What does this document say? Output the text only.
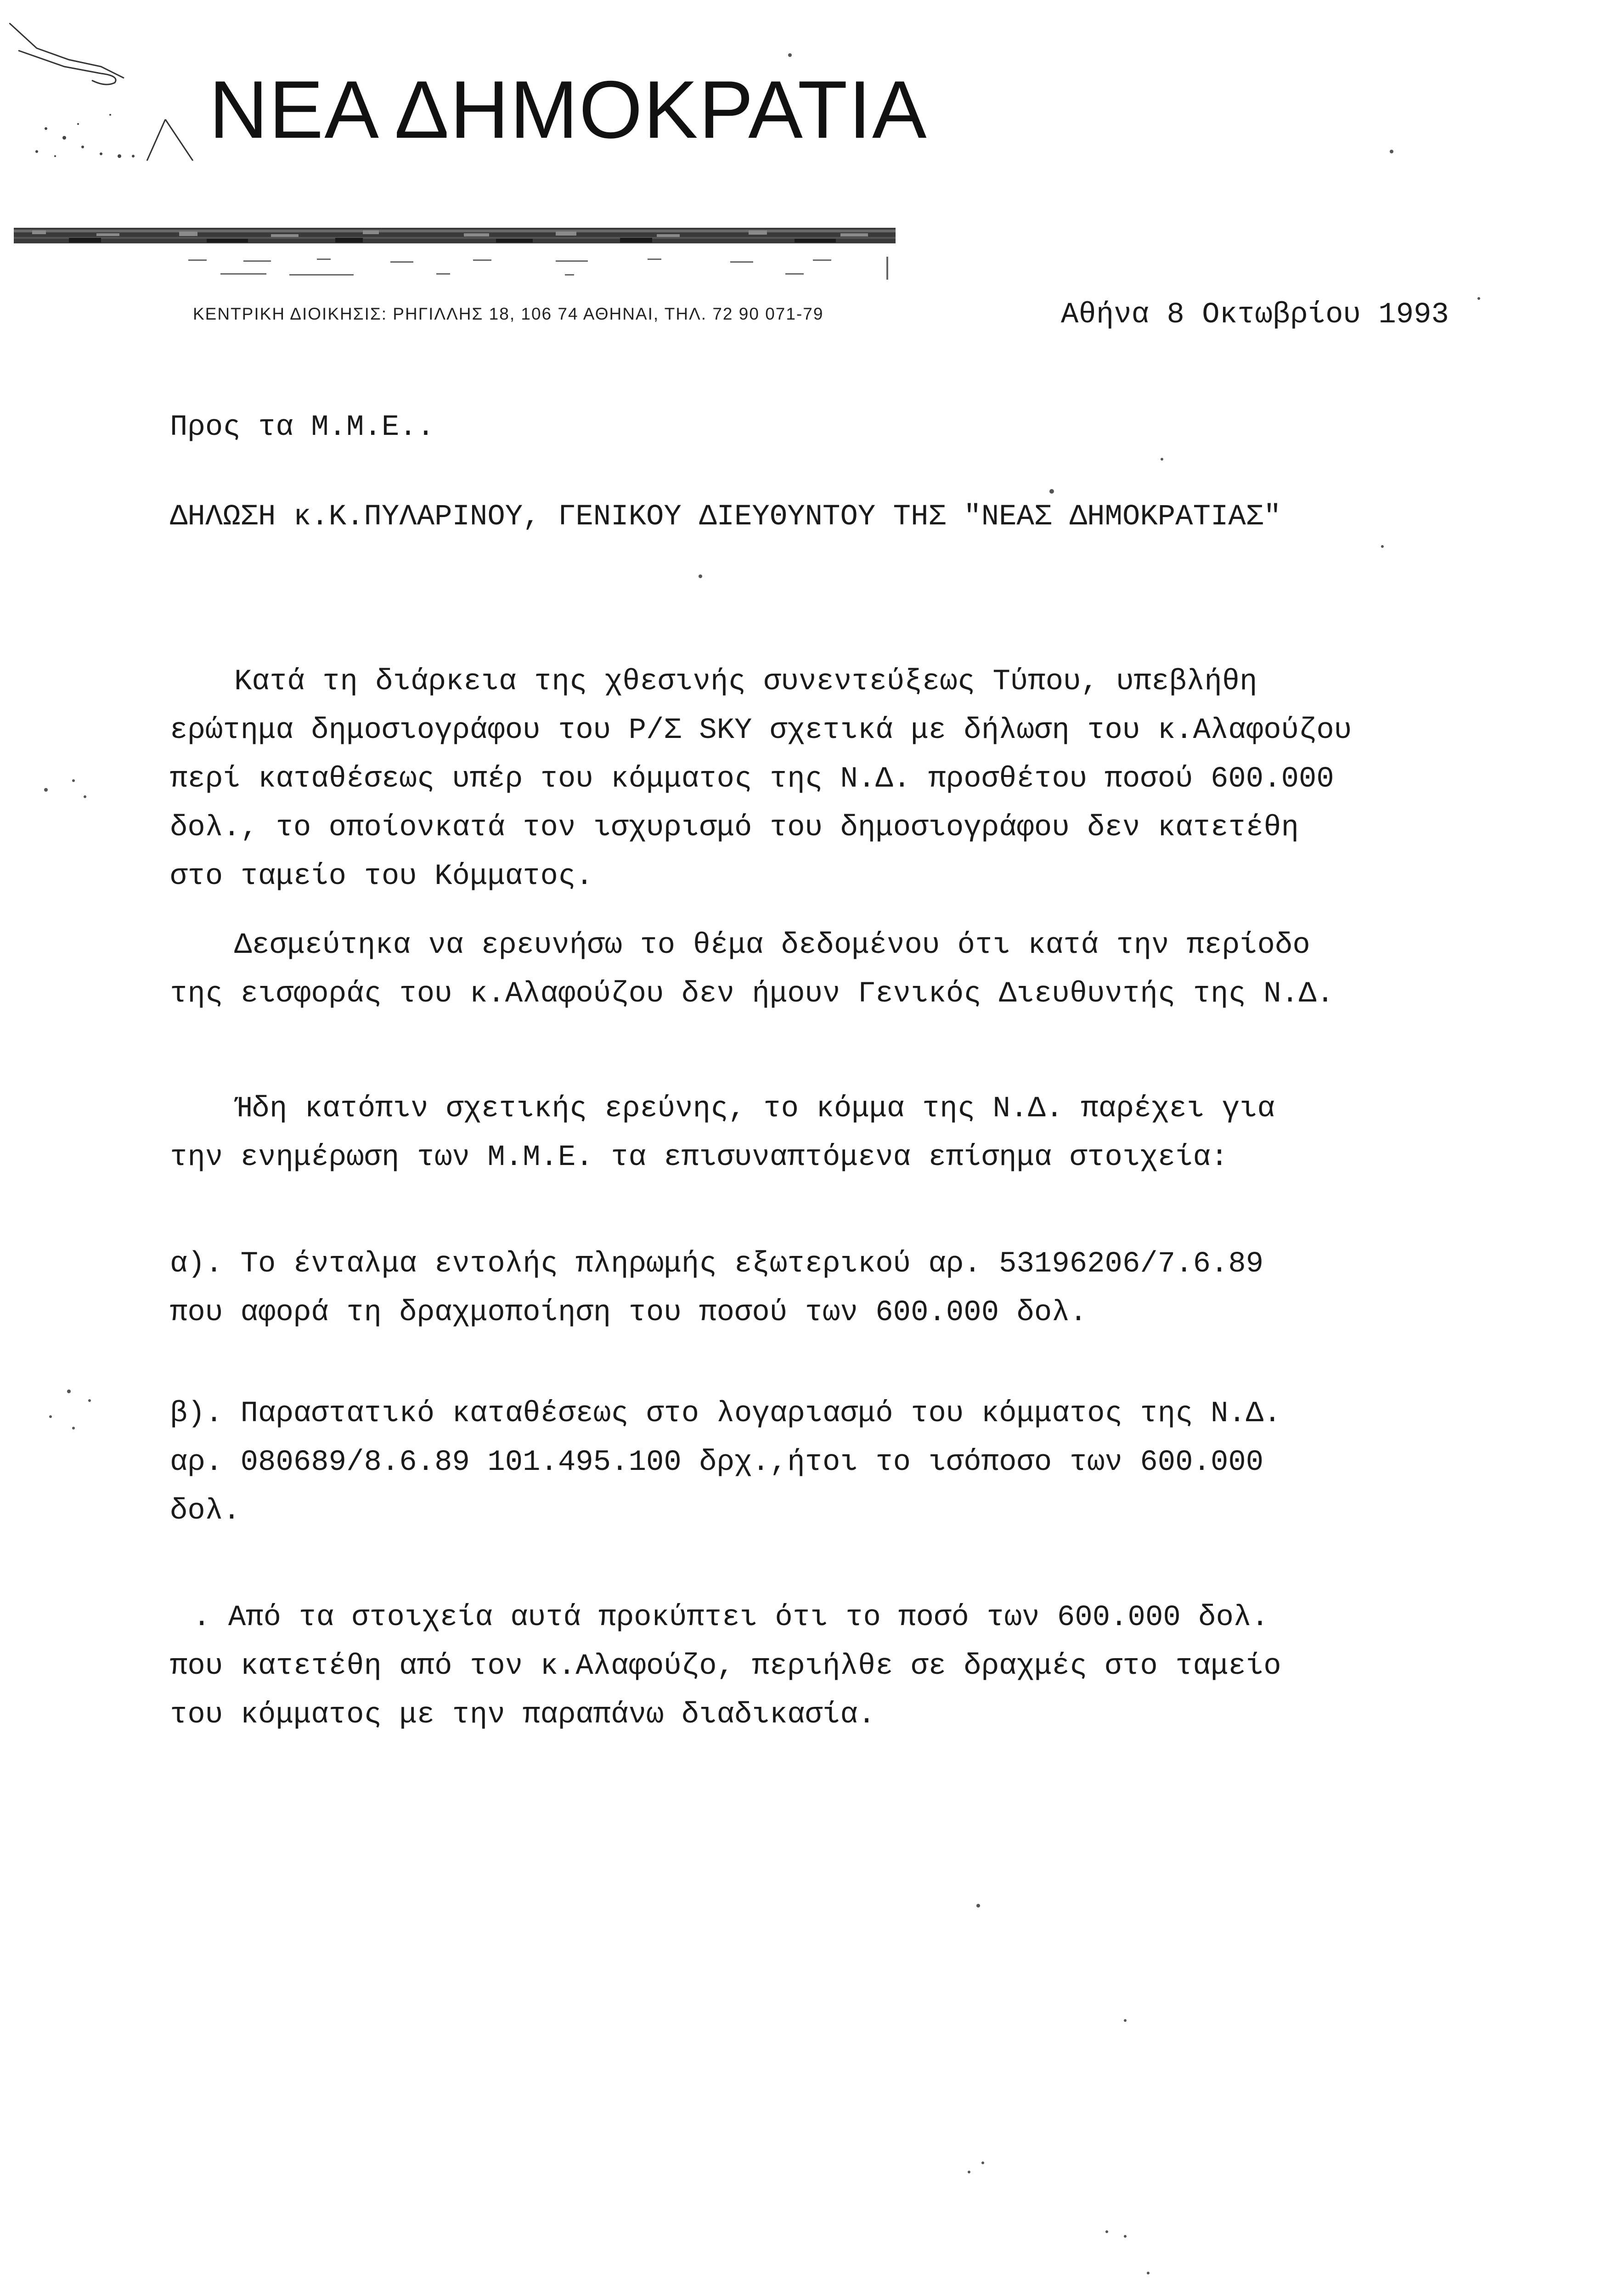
ΝΕΑ ΔΗΜΟΚΡΑΤΙΑ
ΚΕΝΤΡΙΚΗ ΔΙΟΙΚΗΣΙΣ: ΡΗΓΙΛΛΗΣ 18, 106 74 ΑΘΗΝΑΙ, ΤΗΛ. 72 90 071-79	Αθήνα 8 Οκτωβρίου 1993
Προς τα Μ.Μ.Ε..
ΔΗΛΩΣΗ κ.Κ.ΠΥΛΑΡΙΝΟΥ, ΓΕΝΙΚΟΥ ΔΙΕΥΘΥΝΤΟΥ ΤΗΣ "ΝΕΑΣ ΔΗΜΟΚΡΑΤΙΑΣ"
Κατά τη διάρκεια της χθεσινής συνεντεύξεως Τύπου, υπεβλήθη
ερώτημα δημοσιογράφου του Ρ/Σ SKY σχετικά με δήλωση του κ.Αλαφούζου
περί καταθέσεως υπέρ του κόμματος της Ν.Δ. προσθέτου ποσού 600.000
δολ., το οποίονκατά τον ισχυρισμό του δημοσιογράφου δεν κατετέθη
στο ταμείο του Κόμματος.
Δεσμεύτηκα να ερευνήσω το θέμα δεδομένου ότι κατά την περίοδο
της εισφοράς του κ.Αλαφούζου δεν ήμουν Γενικός Διευθυντής της Ν.Δ.
Ήδη κατόπιν σχετικής ερεύνης, το κόμμα της Ν.Δ. παρέχει για
την ενημέρωση των Μ.Μ.Ε. τα επισυναπτόμενα επίσημα στοιχεία:
α). Το ένταλμα εντολής πληρωμής εξωτερικού αρ. 53196206/7.6.89
που αφορά τη δραχμοποίηση του ποσού των 600.000 δολ.
β). Παραστατικό καταθέσεως στο λογαριασμό του κόμματος της Ν.Δ.
αρ. 080689/8.6.89 101.495.100 δρχ.,ήτοι το ισόποσο των 600.000
δολ.
. Από τα στοιχεία αυτά προκύπτει ότι το ποσό των 600.000 δολ.
που κατετέθη από τον κ.Αλαφούζο, περιήλθε σε δραχμές στο ταμείο
του κόμματος με την παραπάνω διαδικασία.
